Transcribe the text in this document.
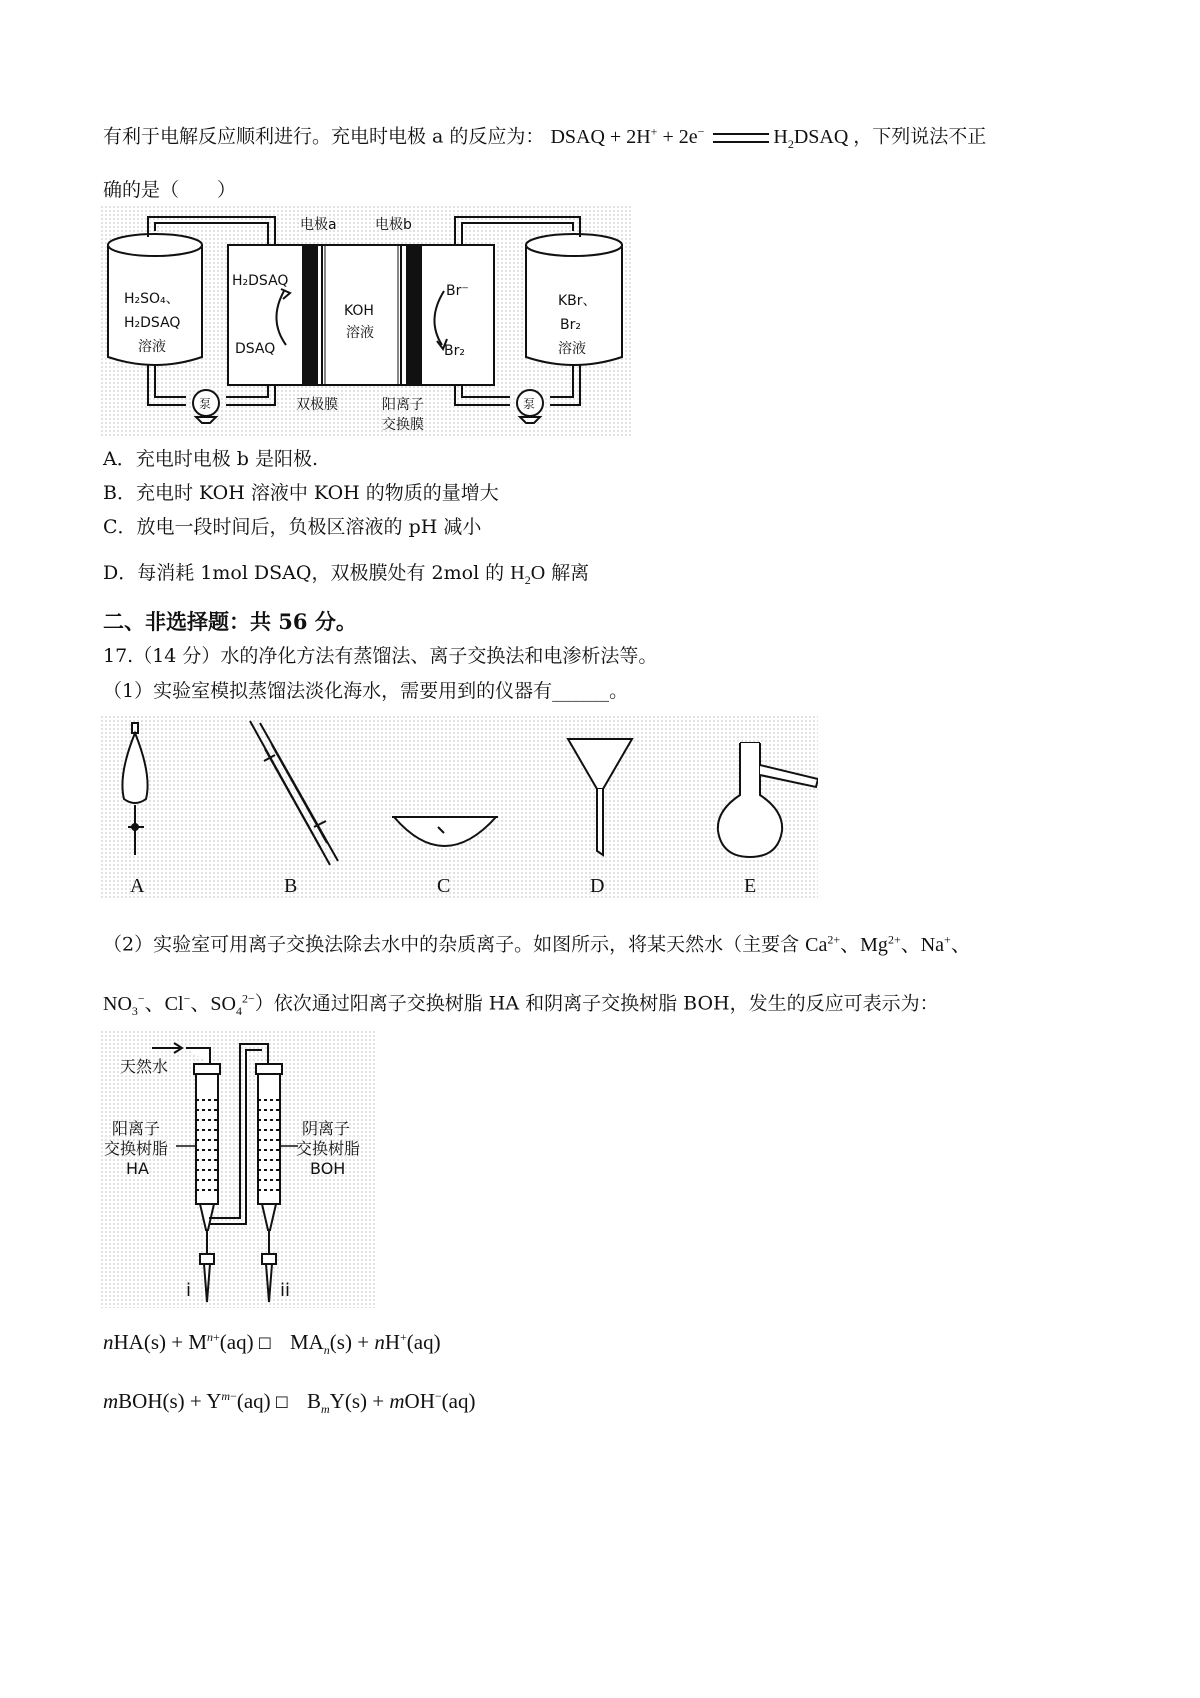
有利于电解反应顺利进行。充电时电极 a 的反应为： DSAQ + 2H+ + 2e−	$H_2DSAQ$ ，下列说法不正
确的是（　　）
电极a	电极b
H₂SO₄、
H₂DSAQ
溶液
H₂DSAQ
DSAQ
KOH
溶液
Br⁻
Br₂
KBr、
Br₂
溶液
泵	泵
双极膜	阳离子
交换膜
A．充电时电极 b 是阳极.
B．充电时 KOH 溶液中 KOH 的物质的量增大
C．放电一段时间后，负极区溶液的 pH 减小
D．每消耗 1mol DSAQ，双极膜处有 2mol 的 $H_2O$ 解离
二、非选择题：共 56 分。
17.（14 分）水的净化方法有蒸馏法、离子交换法和电渗析法等。
（1）实验室模拟蒸馏法淡化海水，需要用到的仪器有______。
A	B	C	D	E
（2）实验室可用离子交换法除去水中的杂质离子。如图所示，将某天然水（主要含 $Ca^{2+}$、$Mg^{2+}$、Na+、
$NO_3^-$、Cl−、$SO_4^{2-}$）依次通过阳离子交换树脂 HA 和阴离子交换树脂 BOH，发生的反应可表示为：
天然水
阳离子
交换树脂
HA
阴离子
交换树脂
BOH
i	ii
$nHA(s) + M^{n+}(aq)$ ☐ $MA_n(s) + nH^+(aq)$
mBOH(s) + $Y^{m-}(aq)$ ☐ $B_mY(s) + mOH^-(aq)$
